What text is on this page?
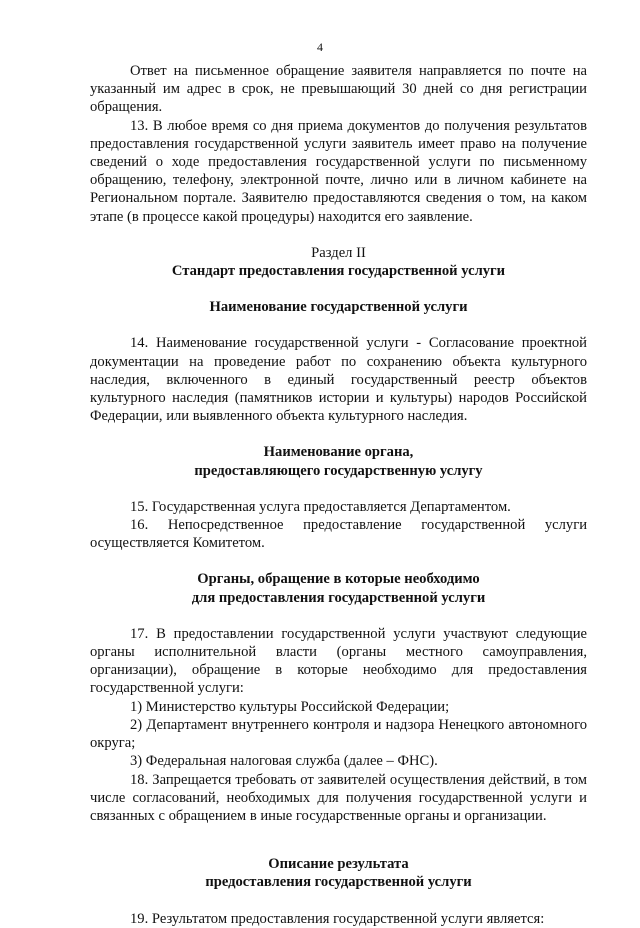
4

Ответ на письменное обращение заявителя направляется по почте на указанный им адрес в срок, не превышающий 30 дней со дня регистрации обращения.

13. В любое время со дня приема документов до получения результатов предоставления государственной услуги заявитель имеет право на получение сведений о ходе предоставления государственной услуги по письменному обращению, телефону, электронной почте, лично или в личном кабинете на Региональном портале. Заявителю предоставляются сведения о том, на каком этапе (в процессе какой процедуры) находится его заявление.

Раздел II

Стандарт предоставления государственной услуги

Наименование государственной услуги

14. Наименование государственной услуги - Согласование проектной документации на проведение работ по сохранению объекта культурного наследия, включенного в единый государственный реестр объектов культурного наследия (памятников истории и культуры) народов Российской Федерации, или выявленного объекта культурного наследия.

Наименование органа,

предоставляющего государственную услугу

15. Государственная услуга предоставляется Департаментом.

16. Непосредственное предоставление государственной услуги осуществляется Комитетом.

Органы, обращение в которые необходимо

для предоставления государственной услуги

17. В предоставлении государственной услуги участвуют следующие органы исполнительной власти (органы местного самоуправления, организации), обращение в которые необходимо для предоставления государственной услуги:

1) Министерство культуры Российской Федерации;

2) Департамент внутреннего контроля и надзора Ненецкого автономного округа;

3) Федеральная налоговая служба (далее – ФНС).

18. Запрещается требовать от заявителей осуществления действий, в том числе согласований, необходимых для получения государственной услуги и связанных с обращением в иные государственные органы и организации.

Описание результата

предоставления государственной услуги

19. Результатом предоставления государственной услуги является:
